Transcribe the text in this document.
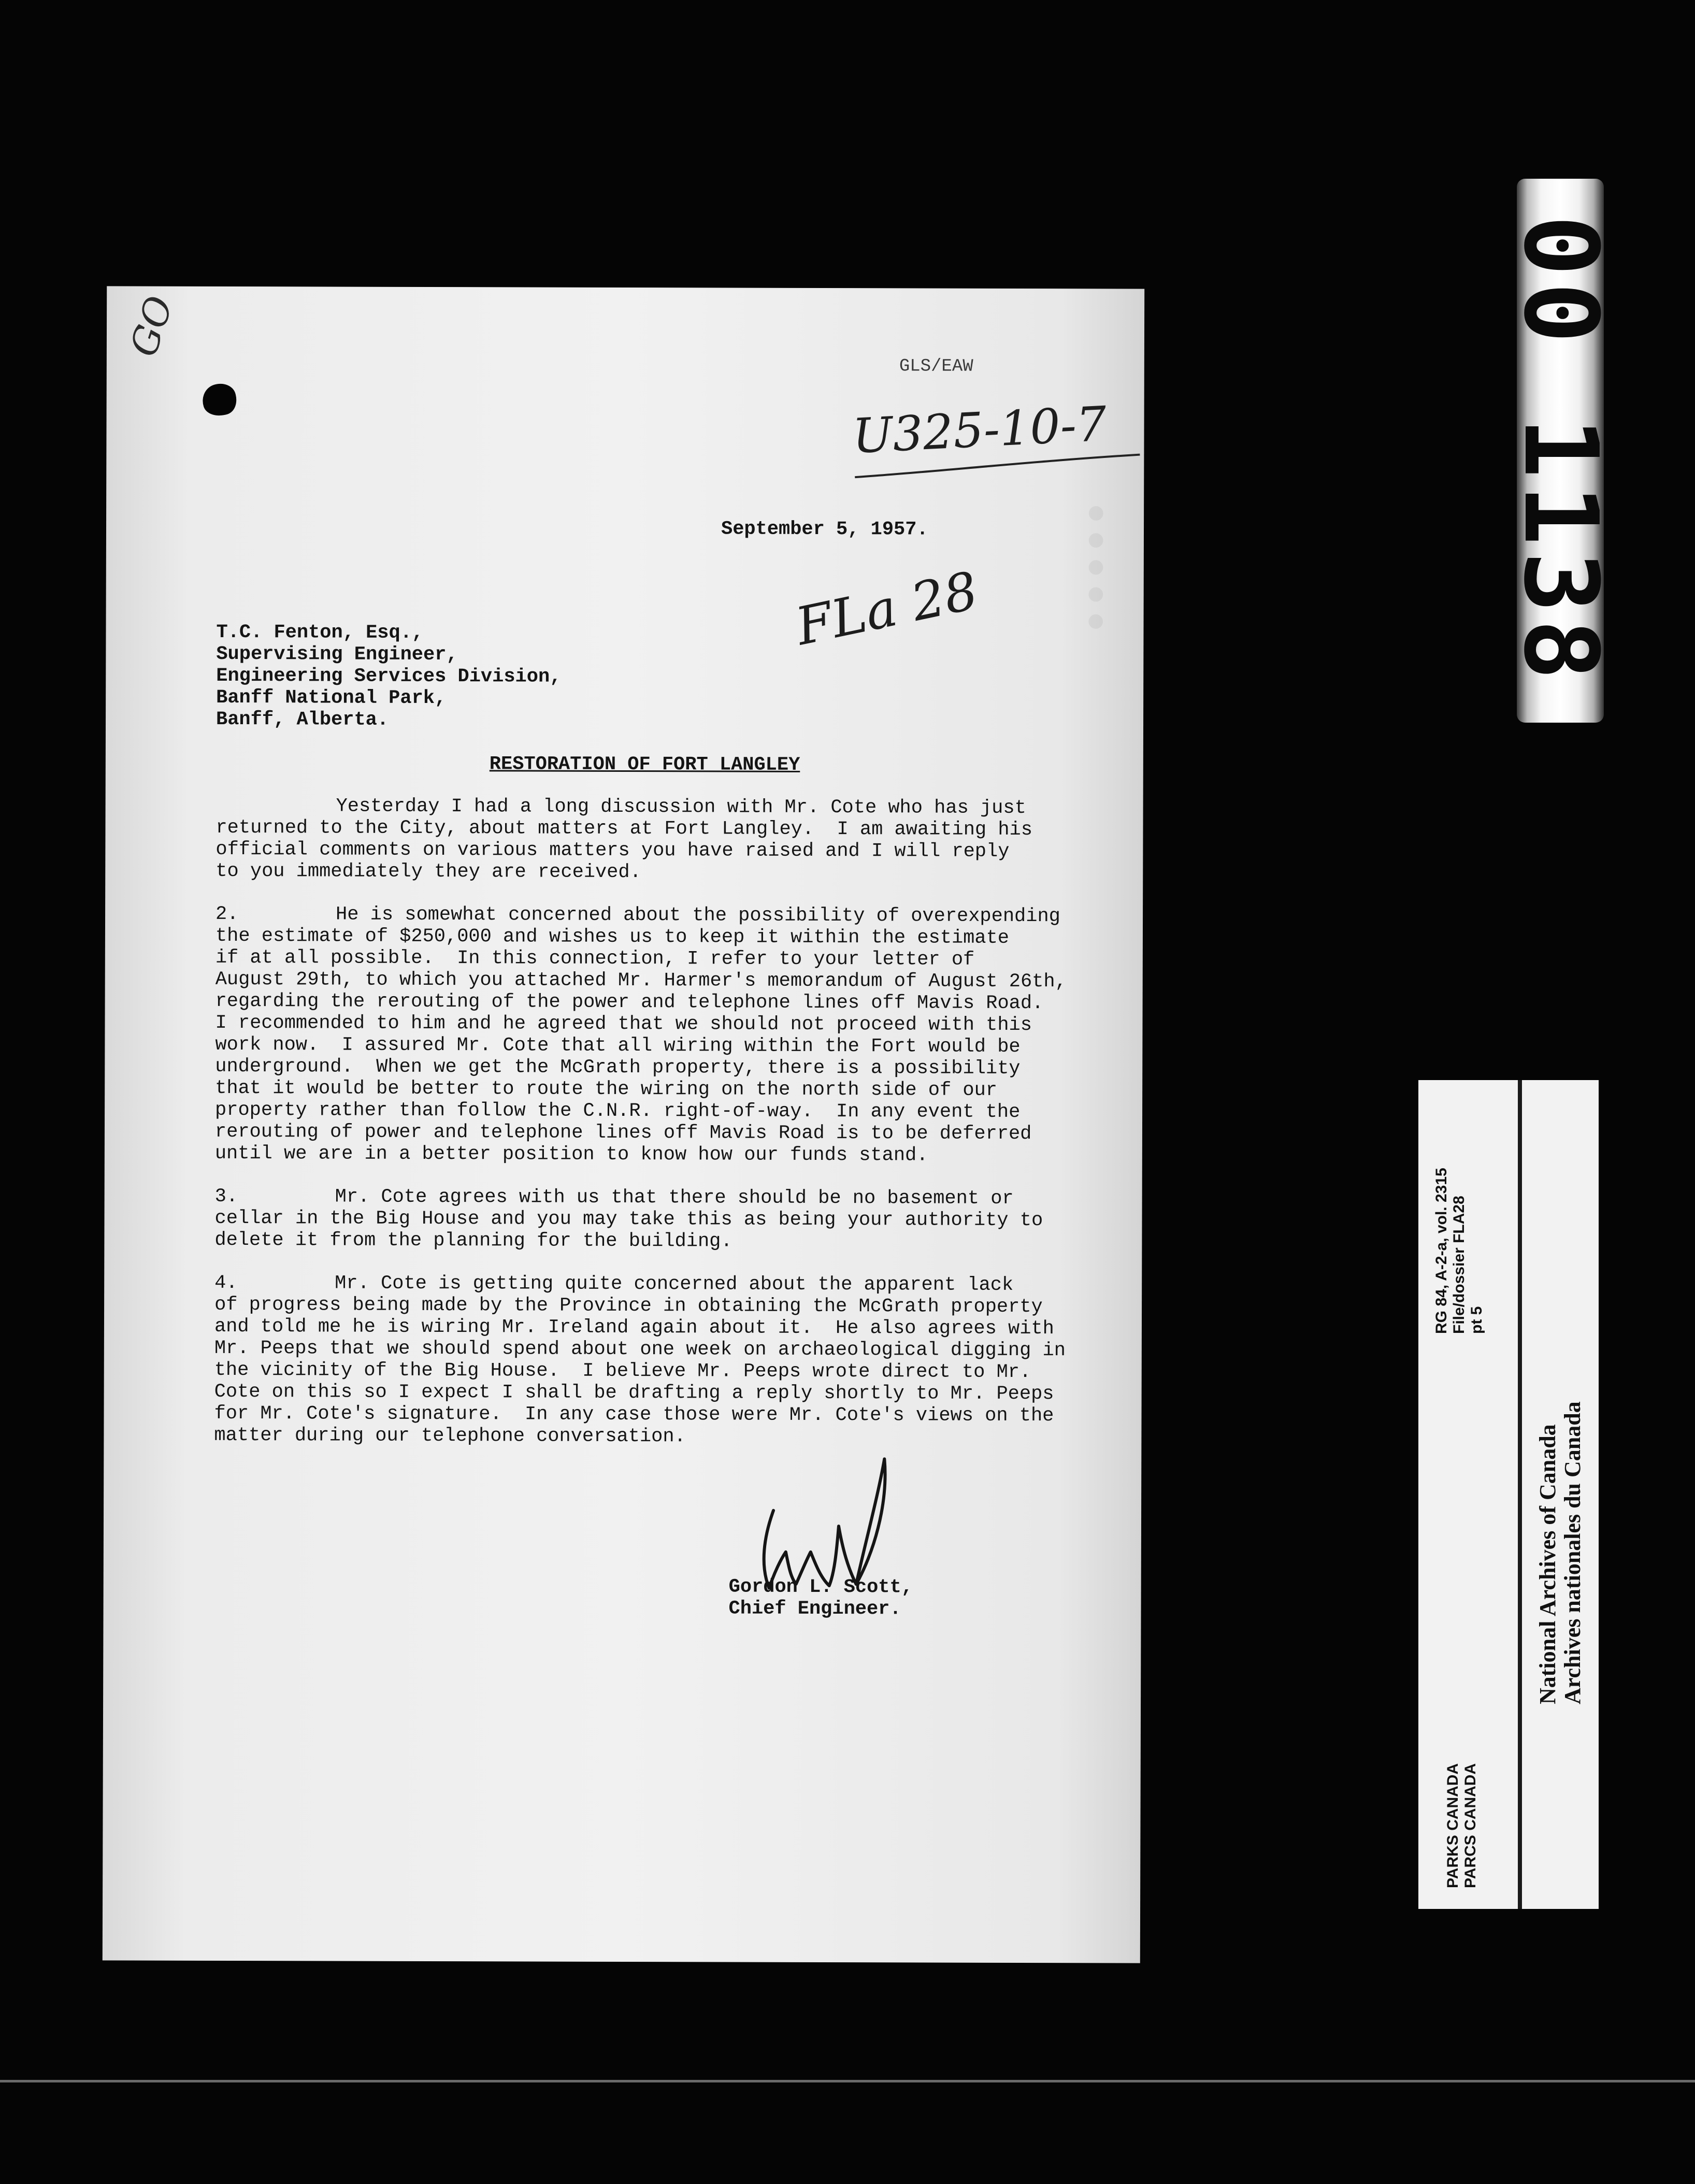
·····
GO
GLS/EAW
U325-10-7
September 5, 1957.
FLa 28
T.C. Fenton, Esq.,
Supervising Engineer,
Engineering Services Division,
Banff National Park,
Banff, Alberta.
RESTORATION OF FORT LANGLEY
Yesterday I had a long discussion with Mr. Cote who has just
returned to the City, about matters at Fort Langley.  I am awaiting his
official comments on various matters you have raised and I will reply
to you immediately they are received.
2.	He is somewhat concerned about the possibility of overexpending
the estimate of $250,000 and wishes us to keep it within the estimate
if at all possible.  In this connection, I refer to your letter of
August 29th, to which you attached Mr. Harmer's memorandum of August 26th,
regarding the rerouting of the power and telephone lines off Mavis Road.
I recommended to him and he agreed that we should not proceed with this
work now.  I assured Mr. Cote that all wiring within the Fort would be
underground.  When we get the McGrath property, there is a possibility
that it would be better to route the wiring on the north side of our
property rather than follow the C.N.R. right-of-way.  In any event the
rerouting of power and telephone lines off Mavis Road is to be deferred
until we are in a better position to know how our funds stand.
3.	Mr. Cote agrees with us that there should be no basement or
cellar in the Big House and you may take this as being your authority to
delete it from the planning for the building.
4.	Mr. Cote is getting quite concerned about the apparent lack
of progress being made by the Province in obtaining the McGrath property
and told me he is wiring Mr. Ireland again about it.  He also agrees with
Mr. Peeps that we should spend about one week on archaeological digging in
the vicinity of the Big House.  I believe Mr. Peeps wrote direct to Mr.
Cote on this so I expect I shall be drafting a reply shortly to Mr. Peeps
for Mr. Cote's signature.  In any case those were Mr. Cote's views on the
matter during our telephone conversation.
Gordon L. Scott,
Chief Engineer.
00 1138
PARKS CANADA PARCS CANADA
RG 84, A-2-a, vol. 2315 File/dossier FLA28 pt 5
National Archives of Canada Archives nationales du Canada
